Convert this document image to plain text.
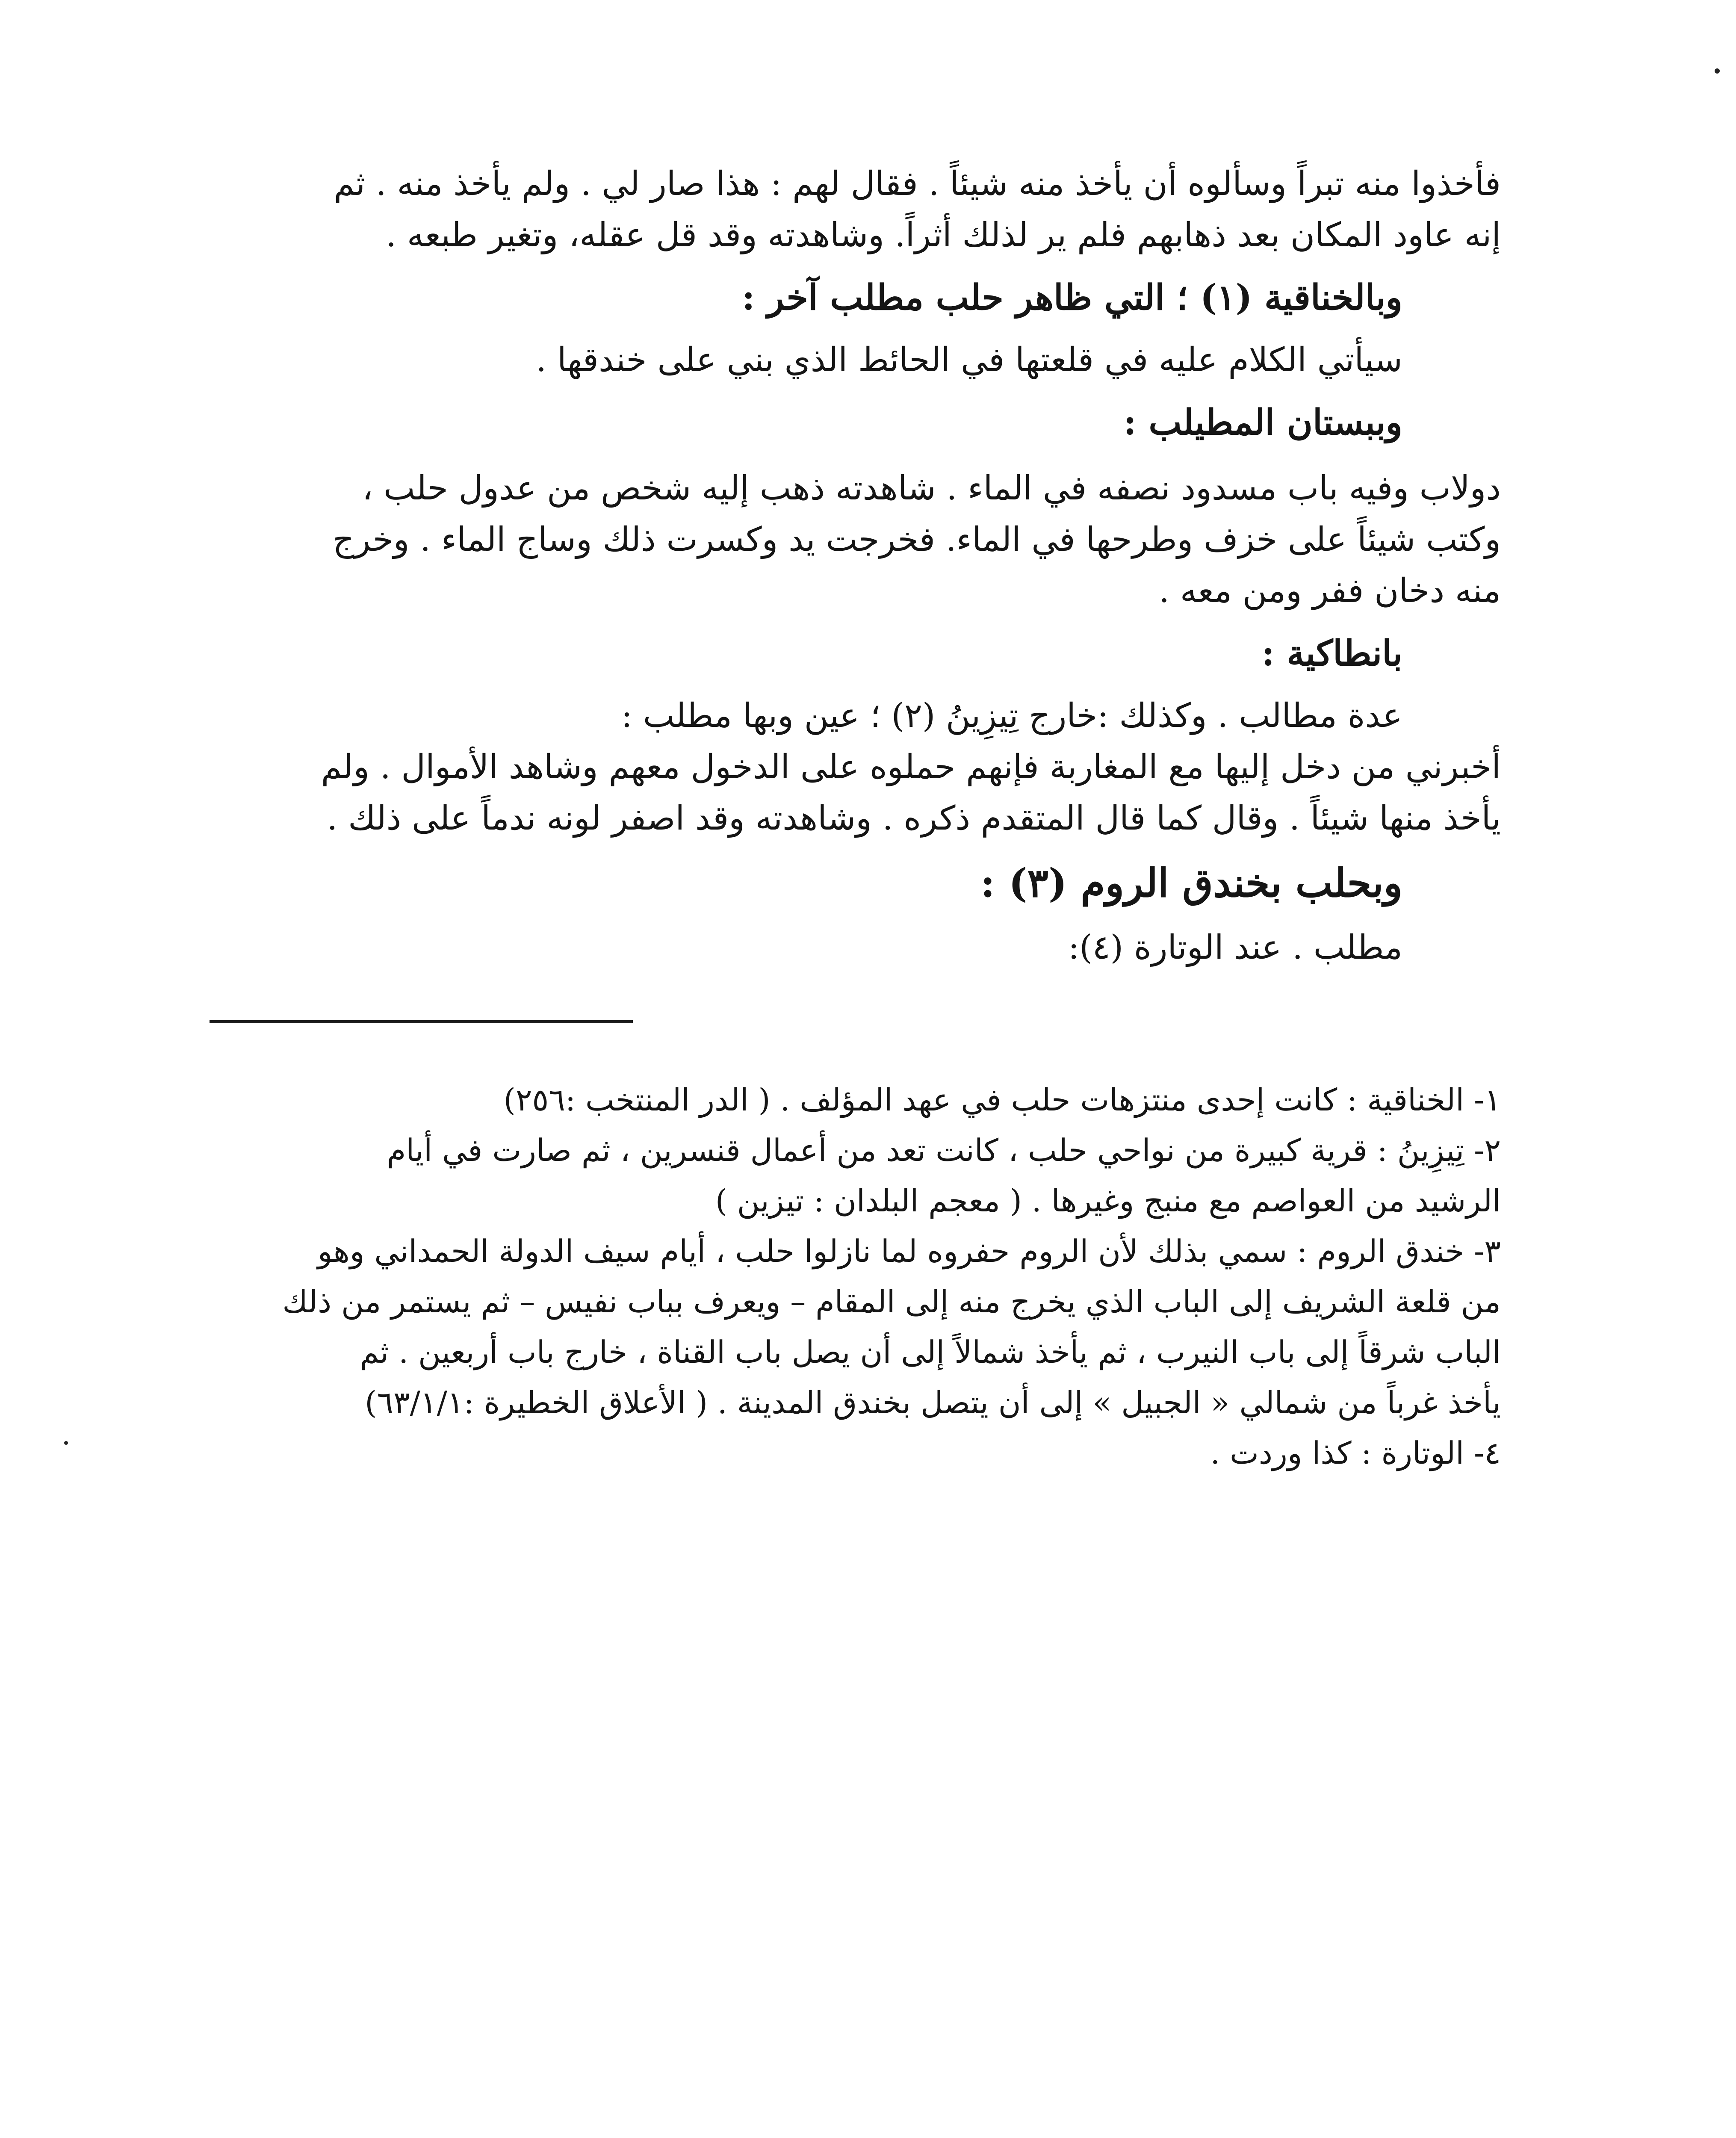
فأخذوا منه تبراً وسألوه أن يأخذ منه شيئاً . فقال لهم : هذا صار لي . ولم يأخذ منه . ثم

إنه عاود المكان بعد ذهابهم فلم ير لذلك أثراً. وشاهدته وقد قل عقله، وتغير طبعه .

وبالخناقية (١) ؛ التي ظاهر حلب مطلب آخر :

سيأتي الكلام عليه في قلعتها في الحائط الذي بني على خندقها .

وببستان المطيلب :

دولاب وفيه باب مسدود نصفه في الماء . شاهدته ذهب إليه شخص من عدول حلب ،

وكتب شيئاً على خزف وطرحها في الماء. فخرجت يد وكسرت ذلك وساج الماء . وخرج

منه دخان ففر ومن معه .

بانطاكية :

عدة مطالب . وكذلك :خارج تِيزِينُ (٢) ؛ عين وبها مطلب :

أخبرني من دخل إليها مع المغاربة فإنهم حملوه على الدخول معهم وشاهد الأموال . ولم

يأخذ منها شيئاً . وقال كما قال المتقدم ذكره . وشاهدته وقد اصفر لونه ندماً على ذلك .

وبحلب بخندق الروم (٣) :

مطلب . عند الوتارة (٤):

١- الخناقية : كانت إحدى منتزهات حلب في عهد المؤلف . ( الدر المنتخب :٢٥٦)

٢- تِيزِينُ : قرية كبيرة من نواحي حلب ، كانت تعد من أعمال قنسرين ، ثم صارت في أيام

الرشيد من العواصم مع منبج وغيرها . ( معجم البلدان : تيزين )

٣- خندق الروم : سمي بذلك لأن الروم حفروه لما نازلوا حلب ، أيام سيف الدولة الحمداني وهو

من قلعة الشريف إلى الباب الذي يخرج منه إلى المقام – ويعرف بباب نفيس – ثم يستمر من ذلك

الباب شرقاً إلى باب النيرب ، ثم يأخذ شمالاً إلى أن يصل باب القناة ، خارج باب أربعين . ثم

يأخذ غرباً من شمالي « الجبيل » إلى أن يتصل بخندق المدينة . ( الأعلاق الخطيرة :٦٣/١/١)

٤- الوتارة : كذا وردت .
